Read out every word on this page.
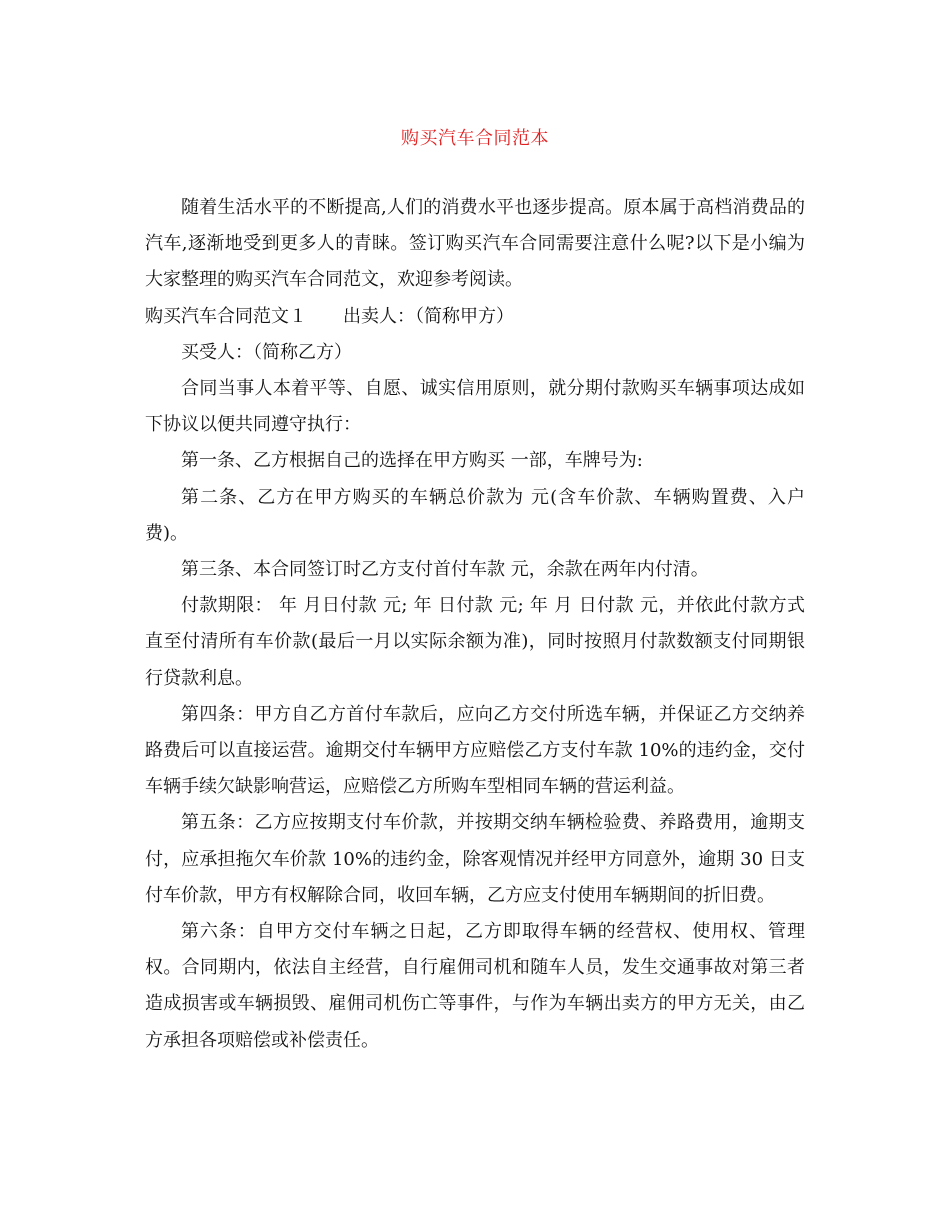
购买汽车合同范本

随着生活水平的不断提高,人们的消费水平也逐步提高。原本属于高档消费品的汽车,逐渐地受到更多人的青睐。签订购买汽车合同需要注意什么呢?以下是小编为大家整理的购买汽车合同范文，欢迎参考阅读。

购买汽车合同范文１ 出卖人：（简称甲方）

买受人：（简称乙方）

合同当事人本着平等、自愿、诚实信用原则，就分期付款购买车辆事项达成如下协议以便共同遵守执行：

第一条、乙方根据自己的选择在甲方购买 一部，车牌号为:

第二条、乙方在甲方购买的车辆总价款为 元(含车价款、车辆购置费、入户费)。

第三条、本合同签订时乙方支付首付车款 元，余款在两年内付清。

付款期限： 年 月日付款 元; 年 日付款 元; 年 月 日付款 元，并依此付款方式直至付清所有车价款(最后一月以实际余额为准)，同时按照月付款数额支付同期银行贷款利息。

第四条：甲方自乙方首付车款后，应向乙方交付所选车辆，并保证乙方交纳养路费后可以直接运营。逾期交付车辆甲方应赔偿乙方支付车款 10%的违约金，交付车辆手续欠缺影响营运，应赔偿乙方所购车型相同车辆的营运利益。

第五条：乙方应按期支付车价款，并按期交纳车辆检验费、养路费用，逾期支付，应承担拖欠车价款 10%的违约金，除客观情况并经甲方同意外，逾期 30 日支付车价款，甲方有权解除合同，收回车辆，乙方应支付使用车辆期间的折旧费。

第六条：自甲方交付车辆之日起，乙方即取得车辆的经营权、使用权、管理权。合同期内，依法自主经营，自行雇佣司机和随车人员，发生交通事故对第三者造成损害或车辆损毁、雇佣司机伤亡等事件，与作为车辆出卖方的甲方无关，由乙方承担各项赔偿或补偿责任。
